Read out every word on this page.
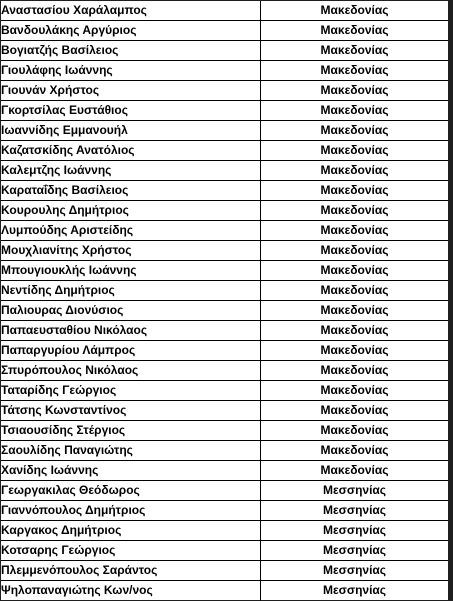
Αναστασίου Χαράλαμπος	Μακεδονίας
Βανδουλάκης Αργύριος	Μακεδονίας
Βογιατζής Βασίλειος	Μακεδονίας
Γιουλάφης Ιωάννης	Μακεδονίας
Γιουνάν Χρήστος	Μακεδονίας
Γκορτσίλας Ευστάθιος	Μακεδονίας
Ιωαννίδης Εμμανουήλ	Μακεδονίας
Καζατσκίδης Ανατόλιος	Μακεδονίας
Καλεμτζης Ιωάννης	Μακεδονίας
Καραταΐδης Βασίλειος	Μακεδονίας
Κουρουλης Δημήτριος	Μακεδονίας
Λυμπούδης Αριστείδης	Μακεδονίας
Μουχλιανίτης Χρήστος	Μακεδονίας
Μπουγιουκλής Ιωάννης	Μακεδονίας
Νεντίδης Δημήτριος	Μακεδονίας
Παλιουρας Διονύσιος	Μακεδονίας
Παπαευσταθίου Νικόλαος	Μακεδονίας
Παπαργυρίου Λάμπρος	Μακεδονίας
Σπυρόπουλος Νικόλαος	Μακεδονίας
Ταταρίδης Γεώργιος	Μακεδονίας
Τάτσης Κωνσταντίνος	Μακεδονίας
Τσιαουσίδης Στέργιος	Μακεδονίας
Σαουλίδης Παναγιώτης	Μακεδονίας
Χανίδης Ιωάννης	Μακεδονίας
Γεωργακιλας Θεόδωρος	Μεσσηνίας
Γιαννόπουλος Δημήτριος	Μεσσηνίας
Καργακος Δημήτριος	Μεσσηνίας
Κοτσαρης Γεώργιος	Μεσσηνίας
Πλεμμενόπουλος Σαράντος	Μεσσηνίας
Ψηλοπαναγιώτης Κων/νος	Μεσσηνίας
